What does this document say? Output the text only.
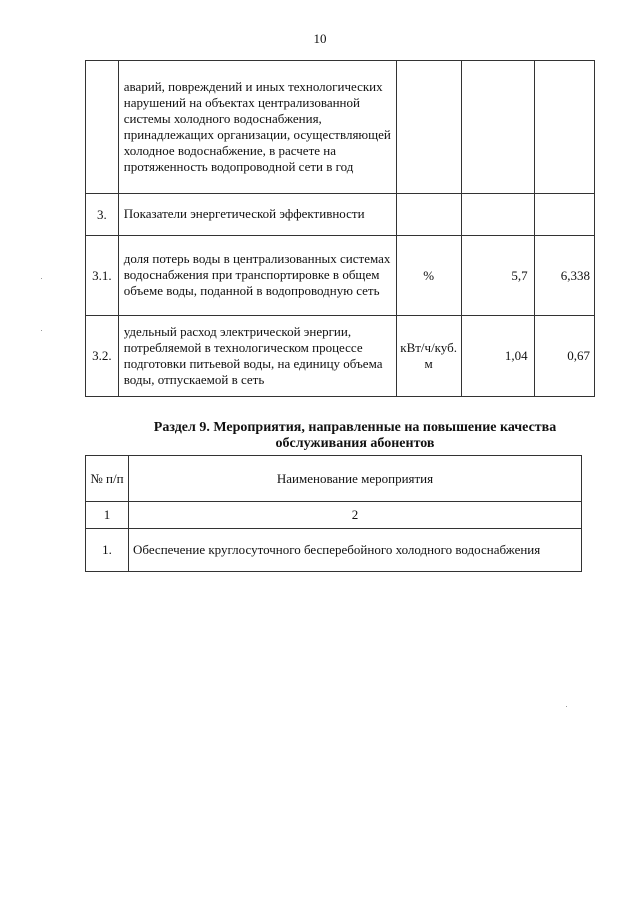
10
	аварий, повреждений и иных технологических нарушений на объектах централизованной системы холодного водоснабжения, принадлежащих организации, осуществляющей холодное водоснабжение, в расчете на протяженность водопроводной сети в год			
3.	Показатели энергетической эффективности			
3.1.	доля потерь воды в централизованных системах водоснабжения при транспортировке в общем объеме воды, поданной в водопроводную сеть	%	5,7	6,338
3.2.	удельный расход электрической энергии, потребляемой в технологическом процессе подготовки питьевой воды, на единицу объема воды, отпускаемой в сеть	кВт/ч/куб. м	1,04	0,67
Раздел 9. Мероприятия, направленные на повышение качества обслуживания абонентов
№ п/п	Наименование мероприятия
1	2
1.	Обеспечение круглосуточного бесперебойного холодного водоснабжения
